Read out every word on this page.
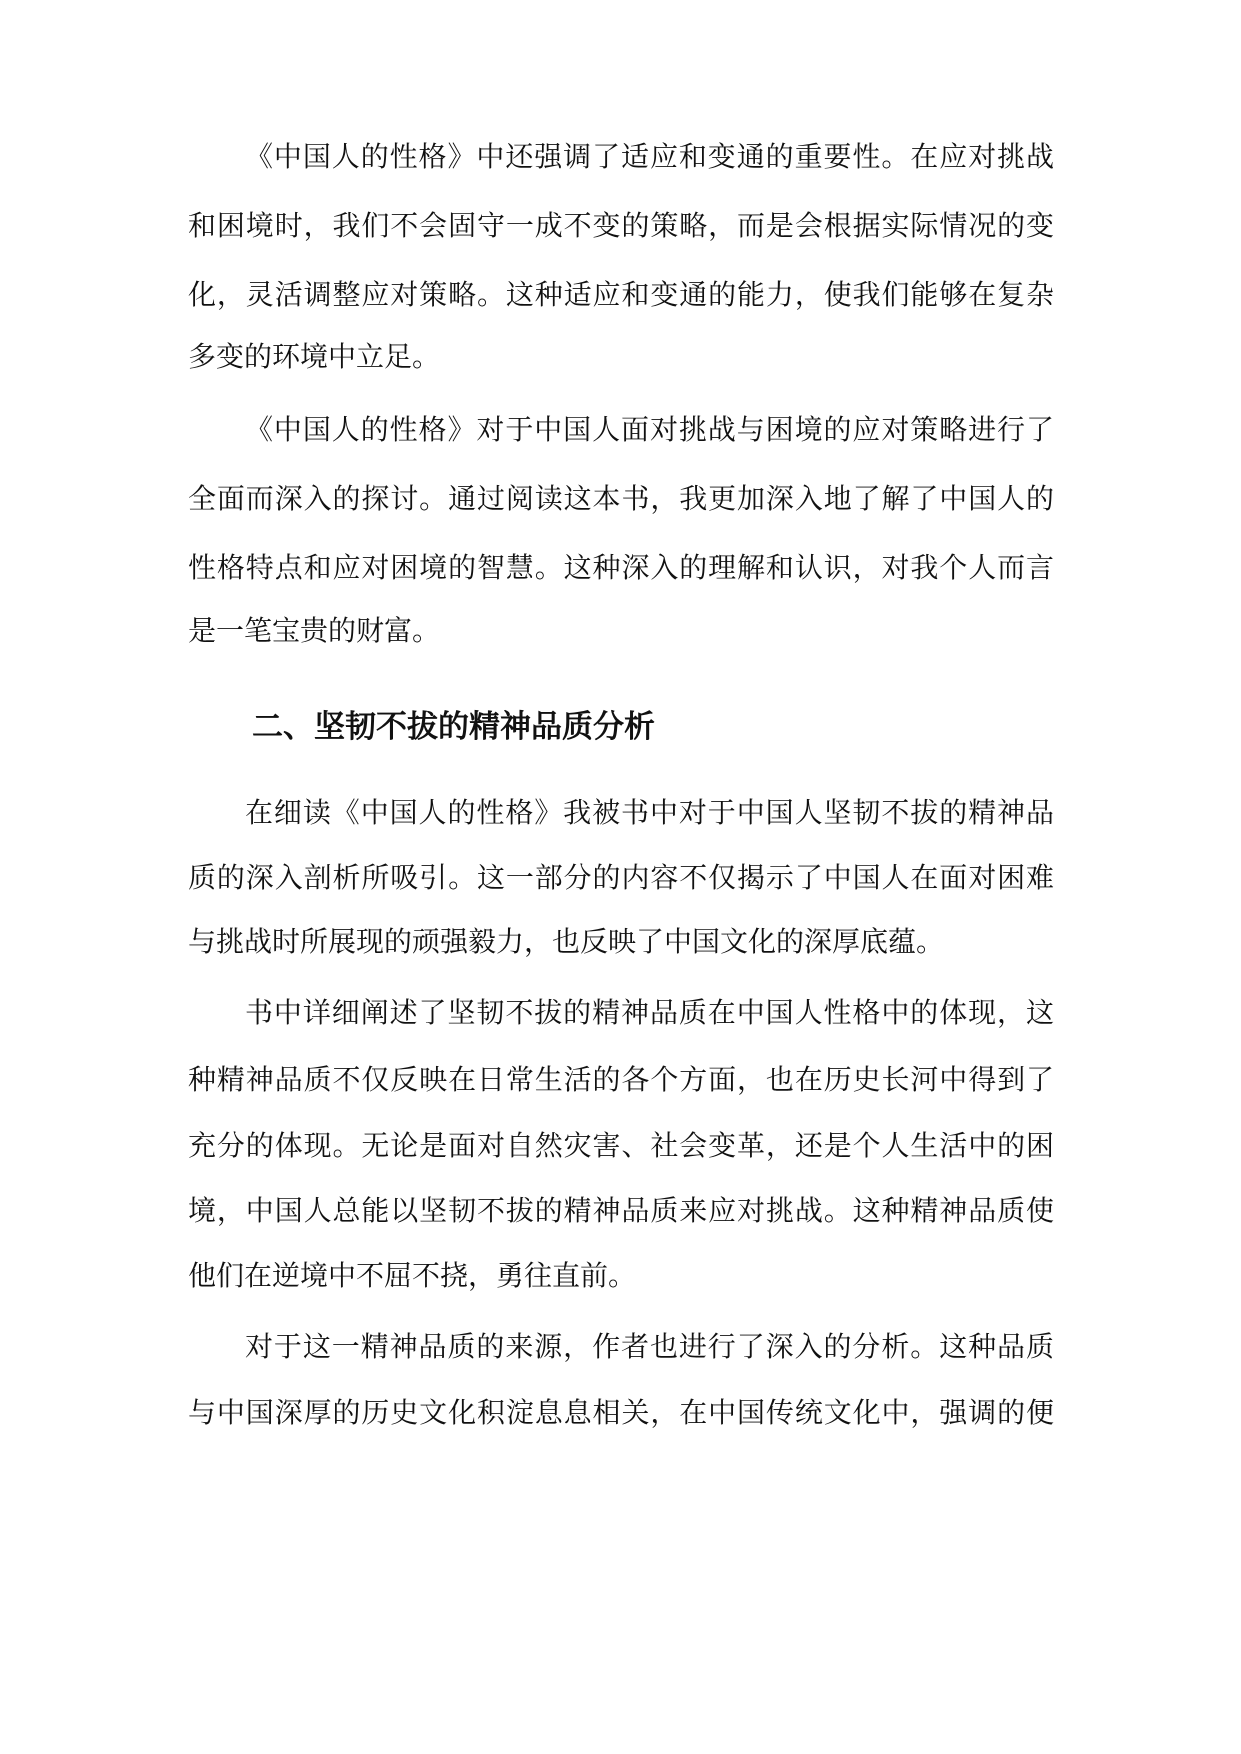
《中国人的性格》中还强调了适应和变通的重要性。在应对挑战
和困境时，我们不会固守一成不变的策略，而是会根据实际情况的变
化，灵活调整应对策略。这种适应和变通的能力，使我们能够在复杂
多变的环境中立足。
《中国人的性格》对于中国人面对挑战与困境的应对策略进行了
全面而深入的探讨。通过阅读这本书，我更加深入地了解了中国人的
性格特点和应对困境的智慧。这种深入的理解和认识，对我个人而言
是一笔宝贵的财富。
二、坚韧不拔的精神品质分析
在细读《中国人的性格》我被书中对于中国人坚韧不拔的精神品
质的深入剖析所吸引。这一部分的内容不仅揭示了中国人在面对困难
与挑战时所展现的顽强毅力，也反映了中国文化的深厚底蕴。
书中详细阐述了坚韧不拔的精神品质在中国人性格中的体现，这
种精神品质不仅反映在日常生活的各个方面，也在历史长河中得到了
充分的体现。无论是面对自然灾害、社会变革，还是个人生活中的困
境，中国人总能以坚韧不拔的精神品质来应对挑战。这种精神品质使
他们在逆境中不屈不挠，勇往直前。
对于这一精神品质的来源，作者也进行了深入的分析。这种品质
与中国深厚的历史文化积淀息息相关，在中国传统文化中，强调的便
